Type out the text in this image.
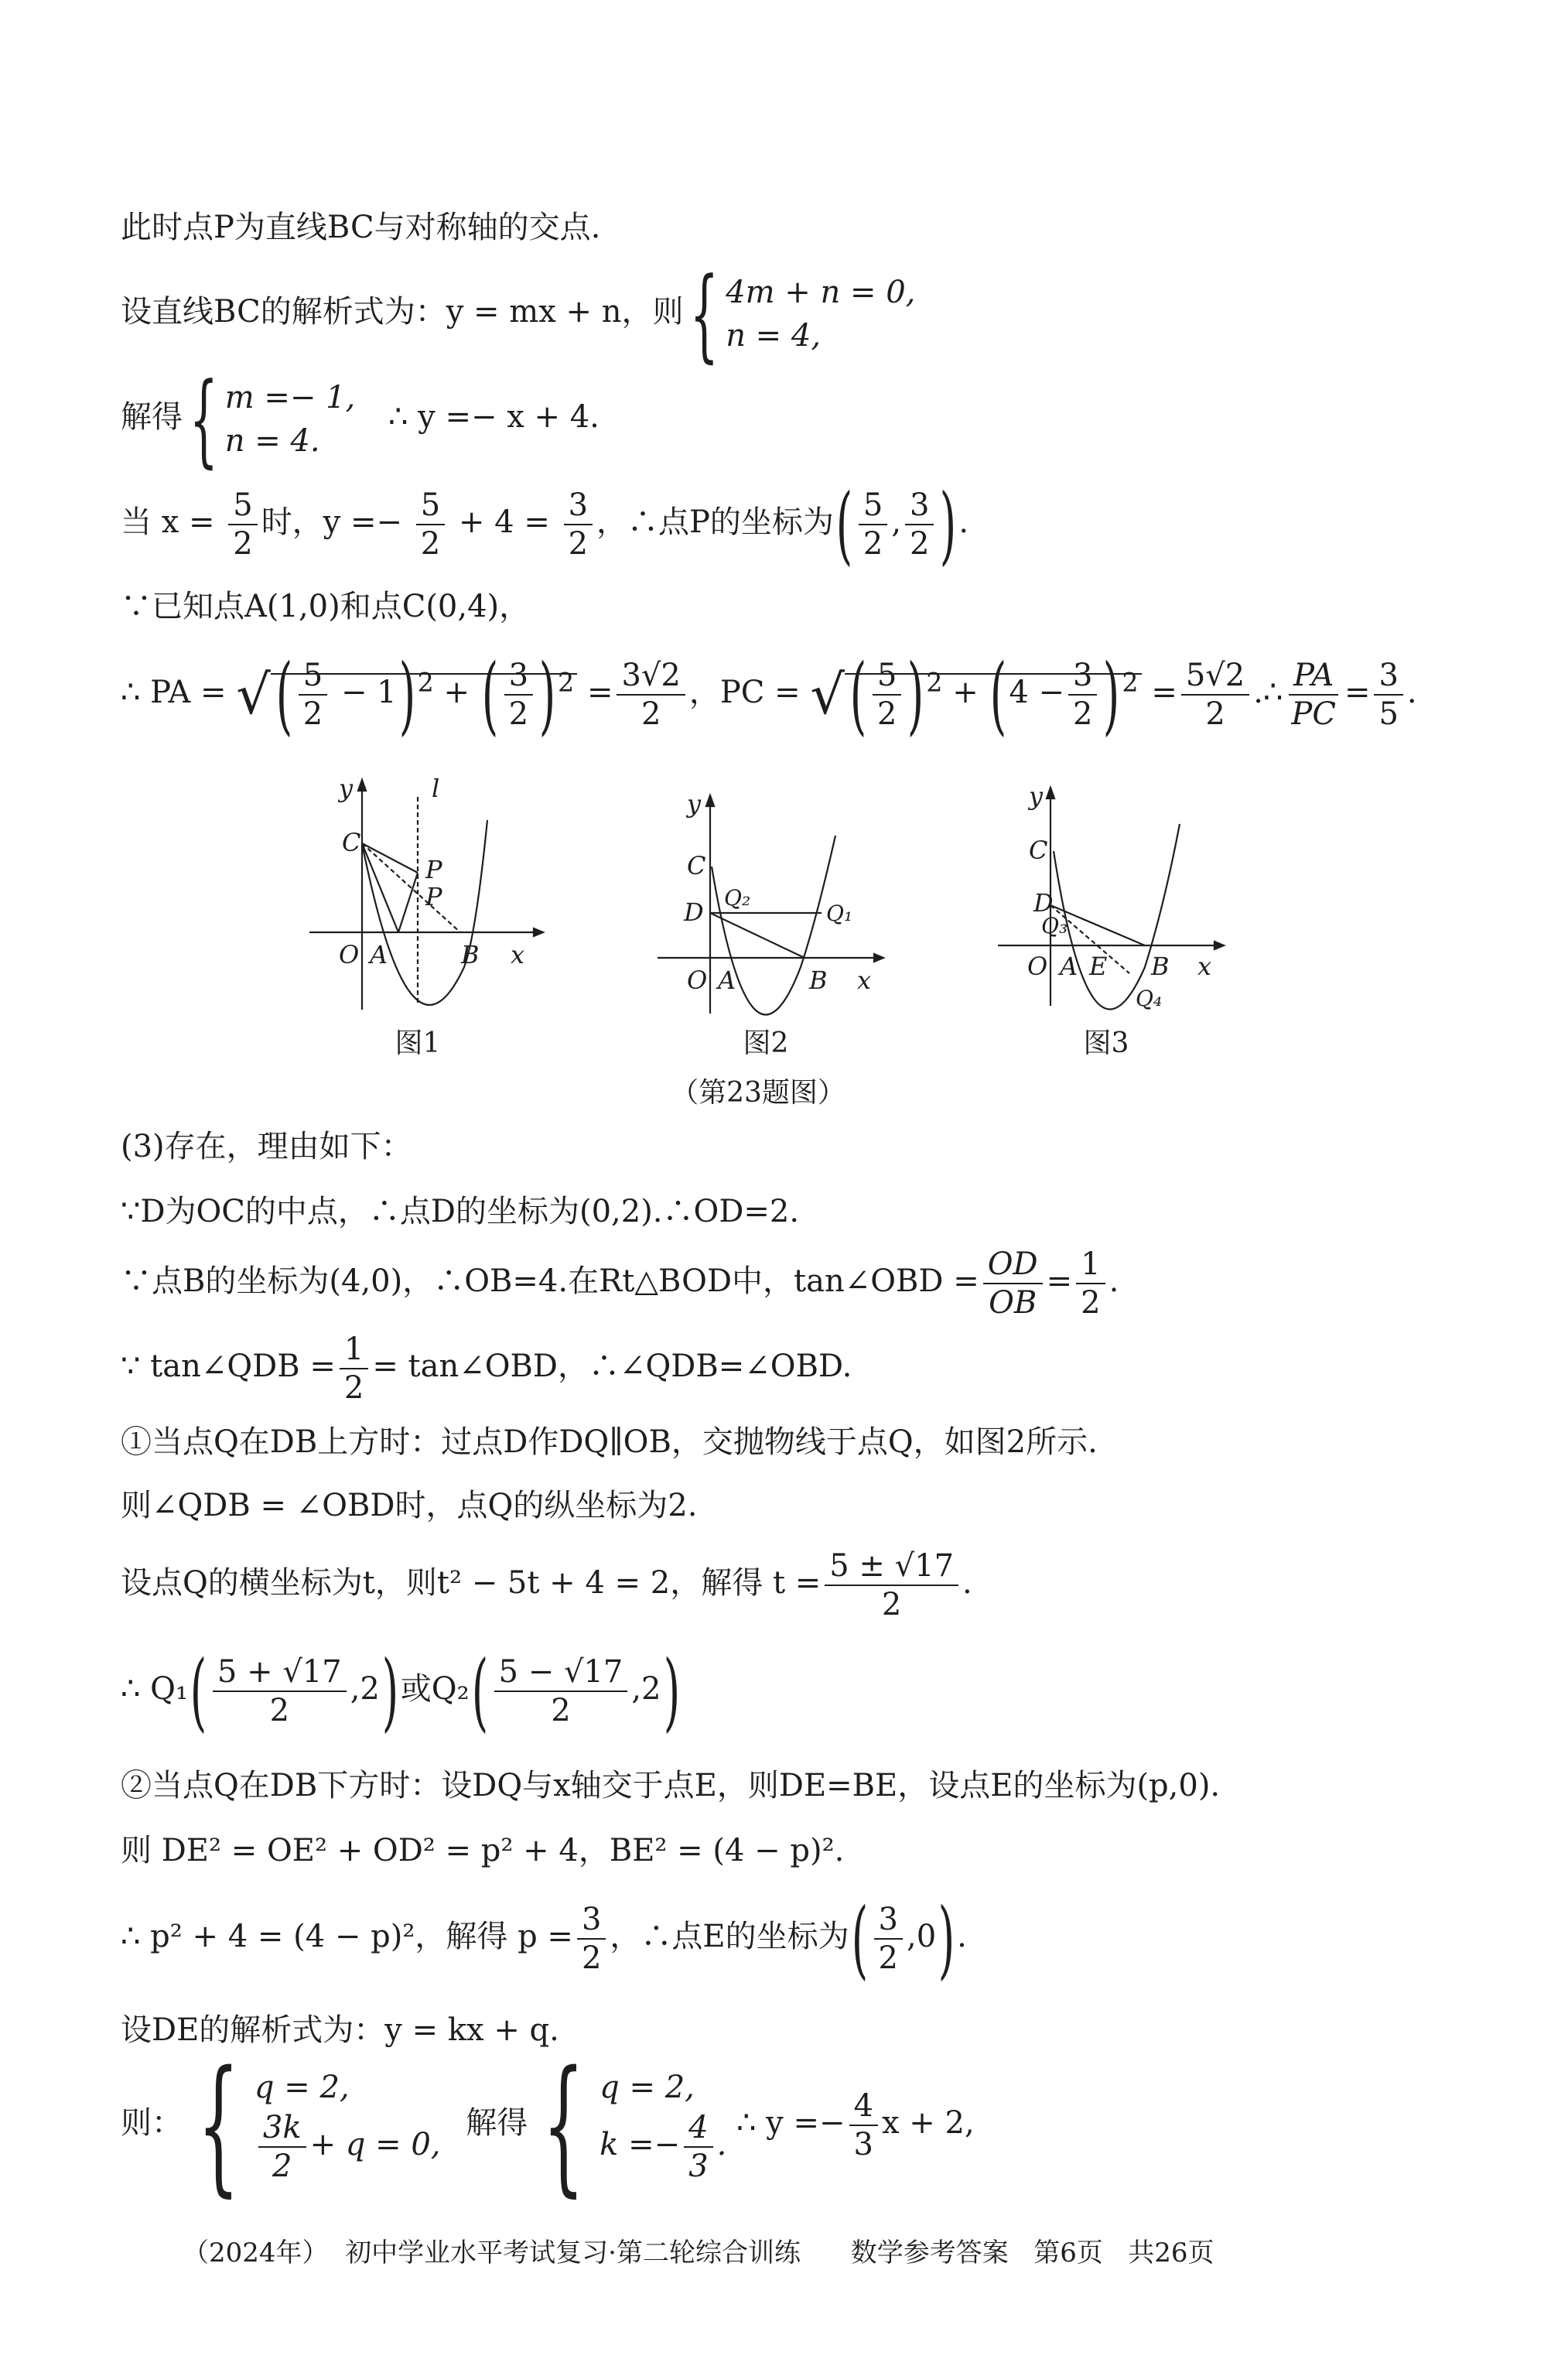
此时点P为直线BC与对称轴的交点.
设直线BC的解析式为：y = mx + n，则{ 4m + n = 0,
n = 4,
解得{ m =− 1,
n = 4.
∴ y =− x + 4.
当 $x = \frac{5}{2}$ 时，$y =- \frac{5}{2} + 4 = \frac{3}{2}$ ，∴点P的坐标为( $\frac{5}{2}$ , $\frac{3}{2}$ ).
∵已知点A(1,0)和点C(0,4)，
∴ PA = √( $\frac{5}{2} - 1)^2$ + ( $\frac{3}{2} )^2 = \frac{3√2}{2}$ ，PC = √( $\frac{5}{2} )^2 + (4 - \frac{3}{2} )^2 = \frac{5√2}{2}$ .∴ $\frac{PA}{PC} = \frac{3}{5}$ .
y	l
C
P
P
O A	B x
图1
y
C
D Q₂
Q₁
O A	B x
图2
y
C
D
Q₃
O A E B x
Q₄
图3
（第23题图）
(3)存在，理由如下：
∵D为OC的中点，∴点D的坐标为(0,2).∴OD=2.
∵点B的坐标为(4,0)，∴OB=4.在Rt△BOD中，tan∠OBD = $\frac{OD}{OB} = \frac{1}{2}$ .
∵ tan∠QDB = $\frac{1}{2}$ = tan∠OBD，∴∠QDB=∠OBD.
①当点Q在DB上方时：过点D作DQ∥OB，交抛物线于点Q，如图2所示.
则∠QDB = ∠OBD时，点Q的纵坐标为2.
设点Q的横坐标为t，则t² − 5t + 4 = 2，解得 $t = \frac{5 \pm √17}{2}$ .
∴ $Q_1( \frac{5 + √17}{2} ,2)$或$Q_2( \frac{5 - √17}{2} ,2)$
②当点Q在DB下方时：设DQ与x轴交于点E，则DE=BE，设点E的坐标为(p,0).
则 DE² = OE² + OD² = p² + 4，BE² = (4 − p)².
∴ p² + 4 = (4 − p)²，解得 $p = \frac{3}{2}$ ，∴点E的坐标为( $\frac{3}{2} ,0$).
设DE的解析式为：y = kx + q.
则： { q = 2,
$\frac{3k}{2} + q = 0$,
解得 { q = 2,
$k =- \frac{4}{3}$ .
∴ $y =- \frac{4}{3}$ x + 2,
（2024年）  初中学业水平考试复习·第二轮综合训练      数学参考答案   第6页   共26页
